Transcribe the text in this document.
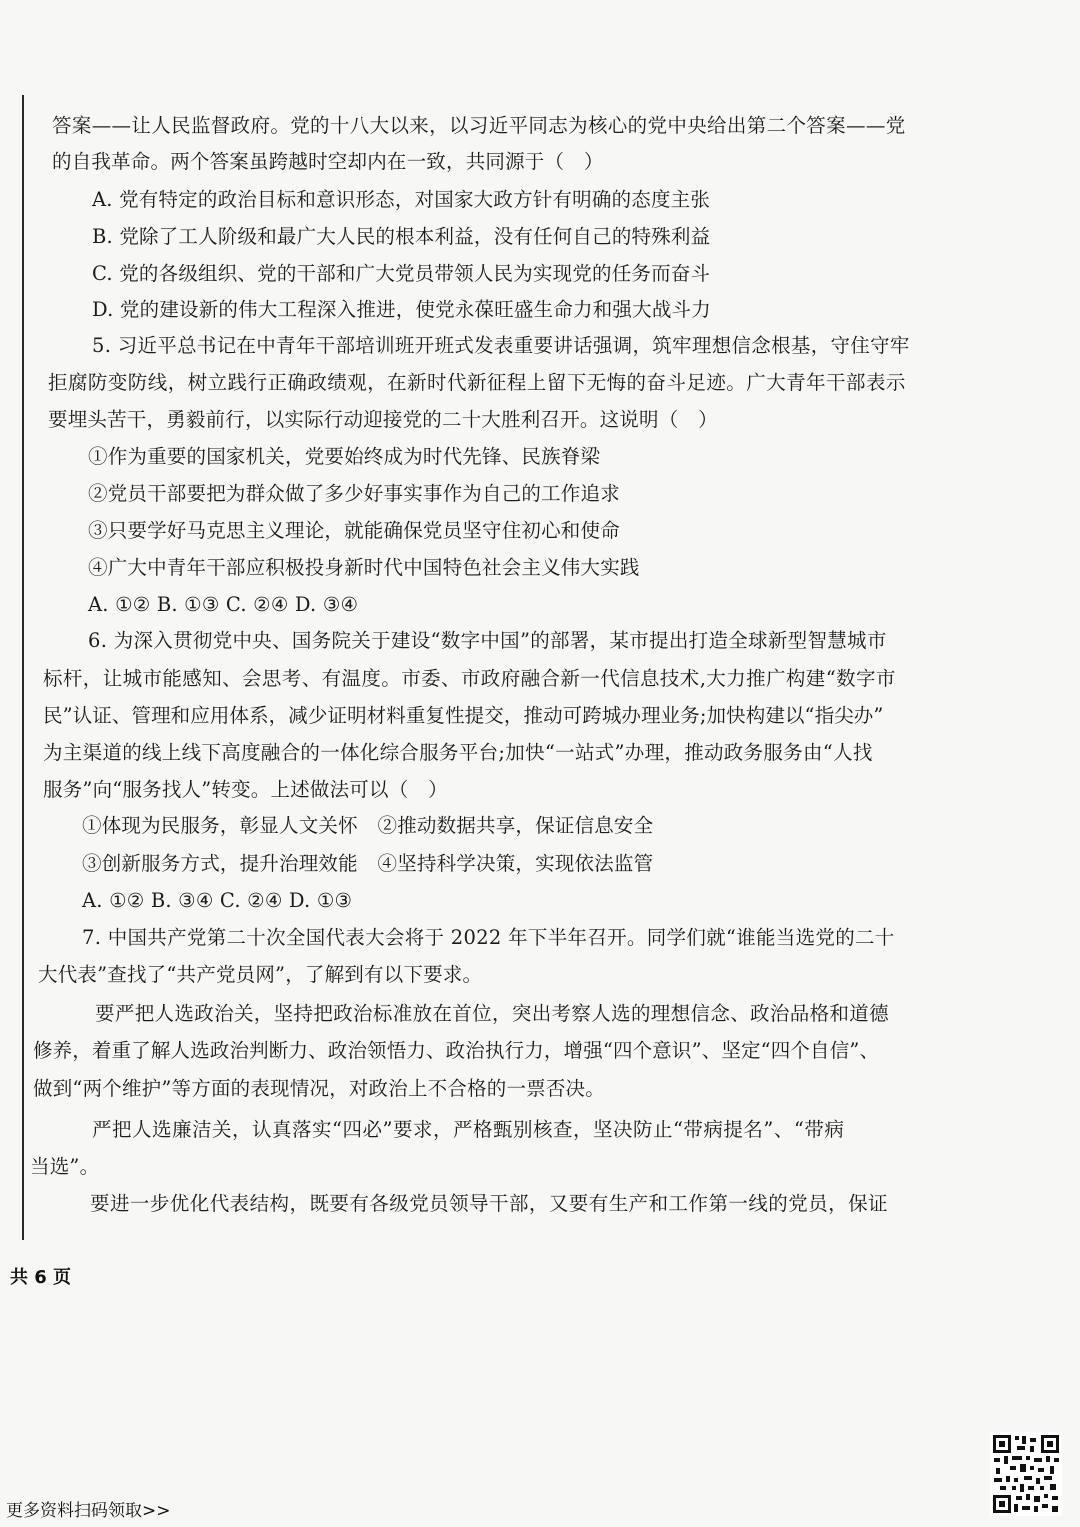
答案——让人民监督政府。党的十八大以来，以习近平同志为核心的党中央给出第二个答案——党
的自我革命。两个答案虽跨越时空却内在一致，共同源于（　）
A. 党有特定的政治目标和意识形态，对国家大政方针有明确的态度主张
B. 党除了工人阶级和最广大人民的根本利益，没有任何自己的特殊利益
C. 党的各级组织、党的干部和广大党员带领人民为实现党的任务而奋斗
D. 党的建设新的伟大工程深入推进，使党永葆旺盛生命力和强大战斗力
5. 习近平总书记在中青年干部培训班开班式发表重要讲话强调，筑牢理想信念根基，守住守牢
拒腐防变防线，树立践行正确政绩观，在新时代新征程上留下无悔的奋斗足迹。广大青年干部表示
要埋头苦干，勇毅前行，以实际行动迎接党的二十大胜利召开。这说明（　）
①作为重要的国家机关，党要始终成为时代先锋、民族脊梁
②党员干部要把为群众做了多少好事实事作为自己的工作追求
③只要学好马克思主义理论，就能确保党员坚守住初心和使命
④广大中青年干部应积极投身新时代中国特色社会主义伟大实践
A. ①② B. ①③ C. ②④ D. ③④
6. 为深入贯彻党中央、国务院关于建设“数字中国”的部署，某市提出打造全球新型智慧城市
标杆，让城市能感知、会思考、有温度。市委、市政府融合新一代信息技术,大力推广构建“数字市
民”认证、管理和应用体系，减少证明材料重复性提交，推动可跨城办理业务;加快构建以“指尖办”
为主渠道的线上线下高度融合的一体化综合服务平台;加快“一站式”办理，推动政务服务由“人找
服务”向“服务找人”转变。上述做法可以（　）
①体现为民服务，彰显人文关怀　②推动数据共享，保证信息安全
③创新服务方式，提升治理效能　④坚持科学决策，实现依法监管
A. ①② B. ③④ C. ②④ D. ①③
7. 中国共产党第二十次全国代表大会将于 2022 年下半年召开。同学们就“谁能当选党的二十
大代表”查找了“共产党员网”，了解到有以下要求。
要严把人选政治关，坚持把政治标准放在首位，突出考察人选的理想信念、政治品格和道德
修养，着重了解人选政治判断力、政治领悟力、政治执行力，增强“四个意识”、坚定“四个自信”、
做到“两个维护”等方面的表现情况，对政治上不合格的一票否决。
严把人选廉洁关，认真落实“四必”要求，严格甄别核查，坚决防止“带病提名”、“带病
当选”。
要进一步优化代表结构，既要有各级党员领导干部，又要有生产和工作第一线的党员，保证
共 6 页
更多资料扫码领取>>
